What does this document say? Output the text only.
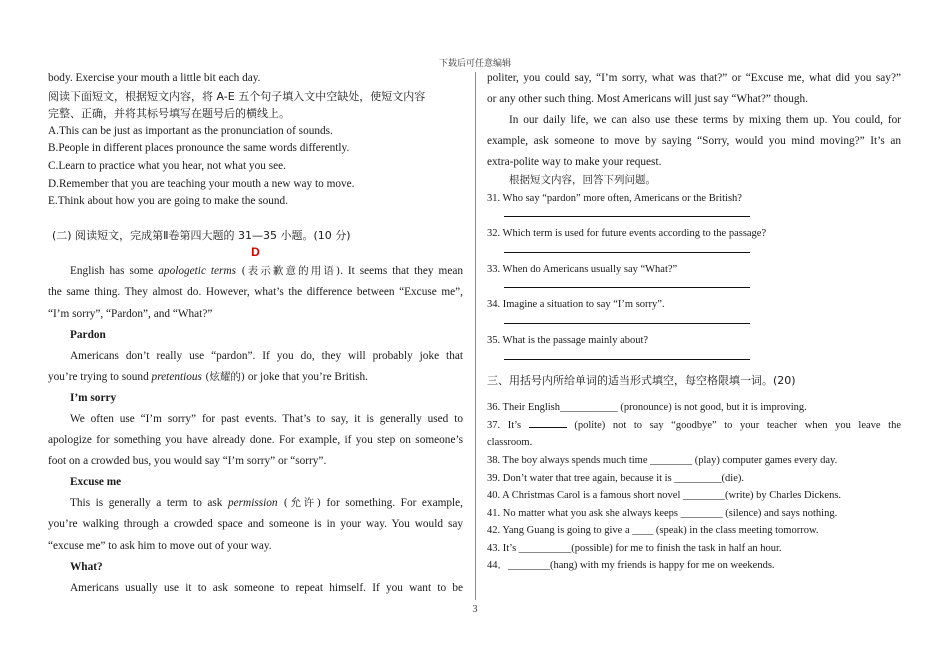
下载后可任意编辑
body. Exercise your mouth a little bit each day.
阅读下面短文，根据短文内容，将 A-E 五个句子填入文中空缺处，使短文内容
完整、正确，并将其标号填写在题号后的横线上。
A.This can be just as important as the pronunciation of sounds.
B.People in different places pronounce the same words differently.
C.Learn to practice what you hear, not what you see.
D.Remember that you are teaching your mouth a new way to move.
E.Think about how you are going to make the sound.
(二) 阅读短文，完成第Ⅱ卷第四大题的 31—35 小题。(10 分)
D
English has some apologetic terms (表示歉意的用语). It seems that they mean
the same thing. They almost do. However, what’s the difference between “Excuse me”,
“I’m sorry”, “Pardon”, and “What?”
Pardon
Americans don’t really use “pardon”. If you do, they will probably joke that
you’re trying to sound pretentious (炫耀的) or joke that you’re British.
I’m sorry
We often use “I’m sorry” for past events. That’s to say, it is generally used to
apologize for something you have already done. For example, if you step on someone’s
foot on a crowded bus, you would say “I’m sorry” or “sorry”.
Excuse me
This is generally a term to ask permission (允许) for something. For example,
you’re walking through a crowded space and someone is in your way. You would say
“excuse me” to ask him to move out of your way.
What?
Americans usually use it to ask someone to repeat himself. If you want to be
politer, you could say, “I’m sorry, what was that?” or “Excuse me, what did you say?”
or any other such thing. Most Americans will just say “What?” though.
In our daily life, we can also use these terms by mixing them up. You could, for
example, ask someone to move by saying “Sorry, would you mind moving?” It’s an
extra-polite way to make your request.
根据短文内容，回答下列问题。
31. Who say “pardon” more often, Americans or the British?
32. Which term is used for future events according to the passage?
33. When do Americans usually say “What?”
34. Imagine a situation to say “I’m sorry”.
35. What is the passage mainly about?
三、用括号内所给单词的适当形式填空，每空格限填一词。(20)
36. Their English___________ (pronounce) is not good, but it is improving.
37. It’s	(polite) not to say “goodbye” to your teacher when you leave the
classroom.
38. The boy always spends much time ________ (play) computer games every day.
39. Don’t water that tree again, because it is _________(die).
40. A Christmas Carol is a famous short novel ________(write) by Charles Dickens.
41. No matter what you ask she always keeps ________ (silence) and says nothing.
42. Yang Guang is going to give a ____ (speak) in the class meeting tomorrow.
43. It’s __________(possible) for me to finish the task in half an hour.
44．________(hang) with my friends is happy for me on weekends.
3
